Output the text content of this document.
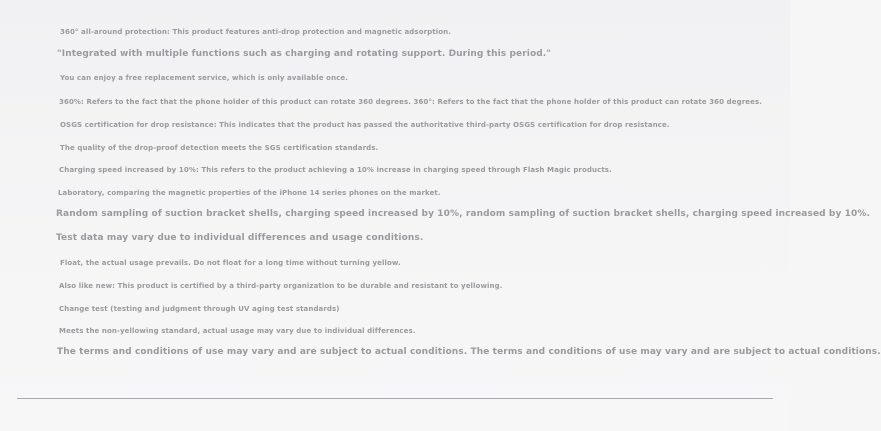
360° all-around protection: This product features anti-drop protection and magnetic adsorption.
"Integrated with multiple functions such as charging and rotating support. During this period."
You can enjoy a free replacement service, which is only available once.
360%: Refers to the fact that the phone holder of this product can rotate 360 degrees. 360°: Refers to the fact that the phone holder of this product can rotate 360 degrees.
OSGS certification for drop resistance: This indicates that the product has passed the authoritative third-party OSGS certification for drop resistance.
The quality of the drop-proof detection meets the SGS certification standards.
Charging speed increased by 10%: This refers to the product achieving a 10% increase in charging speed through Flash Magic products.
Laboratory, comparing the magnetic properties of the iPhone 14 series phones on the market.
Random sampling of suction bracket shells, charging speed increased by 10%, random sampling of suction bracket shells, charging speed increased by 10%.
Test data may vary due to individual differences and usage conditions.
Float, the actual usage prevails. Do not float for a long time without turning yellow.
Also like new: This product is certified by a third-party organization to be durable and resistant to yellowing.
Change test (testing and judgment through UV aging test standards)
Meets the non-yellowing standard, actual usage may vary due to individual differences.
The terms and conditions of use may vary and are subject to actual conditions. The terms and conditions of use may vary and are subject to actual conditions.
